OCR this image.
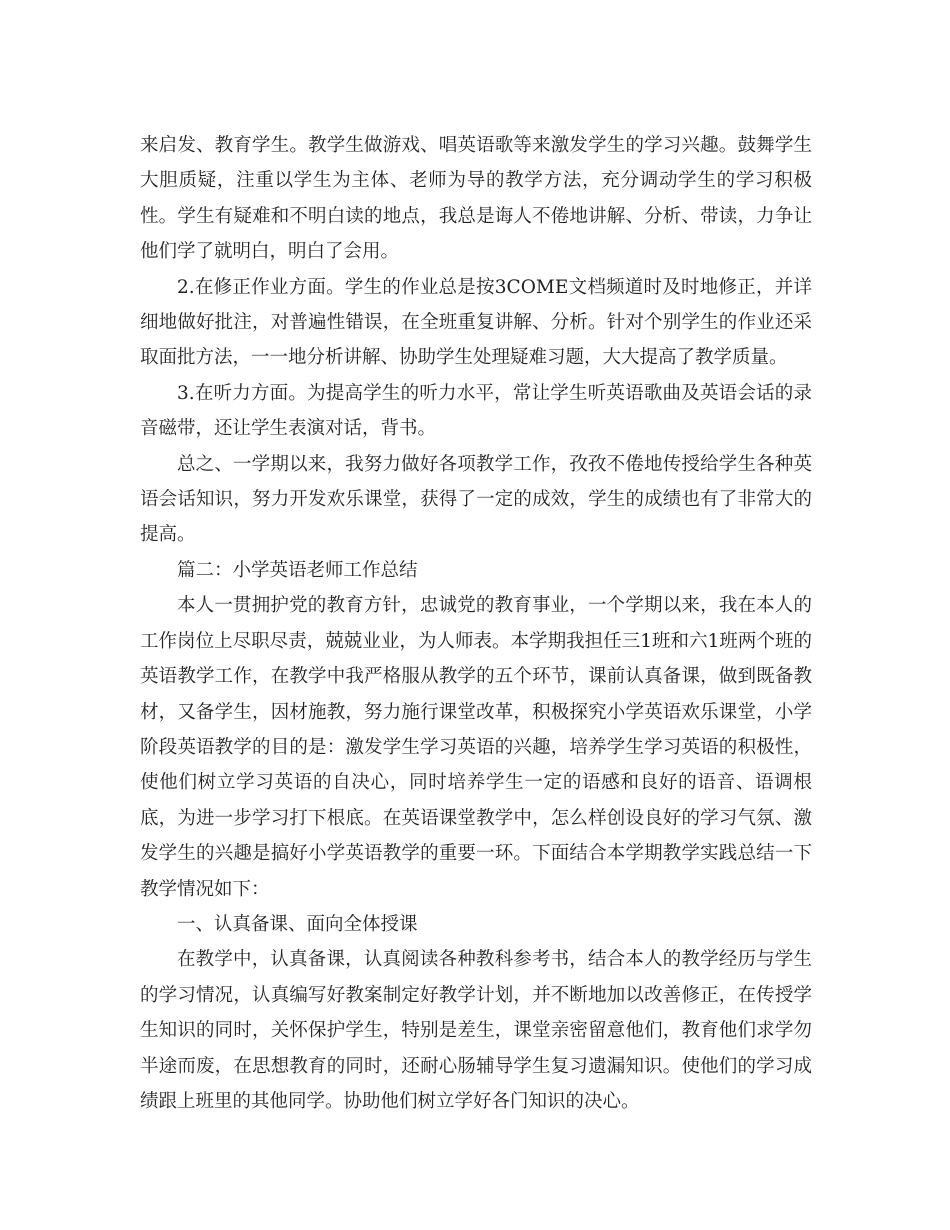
来启发、教育学生。教学生做游戏、唱英语歌等来激发学生的学习兴趣。鼓舞学生大胆质疑，注重以学生为主体、老师为导的教学方法，充分调动学生的学习积极性。学生有疑难和不明白读的地点，我总是诲人不倦地讲解、分析、带读，力争让他们学了就明白，明白了会用。

2.在修正作业方面。学生的作业总是按3COME文档频道时及时地修正，并详细地做好批注，对普遍性错误，在全班重复讲解、分析。针对个别学生的作业还采取面批方法，一一地分析讲解、协助学生处理疑难习题，大大提高了教学质量。

3.在听力方面。为提高学生的听力水平，常让学生听英语歌曲及英语会话的录音磁带，还让学生表演对话，背书。

总之、一学期以来，我努力做好各项教学工作，孜孜不倦地传授给学生各种英语会话知识，努力开发欢乐课堂，获得了一定的成效，学生的成绩也有了非常大的提高。

篇二：小学英语老师工作总结

本人一贯拥护党的教育方针，忠诚党的教育事业，一个学期以来，我在本人的工作岗位上尽职尽责，兢兢业业，为人师表。本学期我担任三1班和六1班两个班的英语教学工作，在教学中我严格服从教学的五个环节，课前认真备课，做到既备教材，又备学生，因材施教，努力施行课堂改革，积极探究小学英语欢乐课堂，小学阶段英语教学的目的是：激发学生学习英语的兴趣，培养学生学习英语的积极性，使他们树立学习英语的自决心，同时培养学生一定的语感和良好的语音、语调根底，为进一步学习打下根底。在英语课堂教学中，怎么样创设良好的学习气氛、激发学生的兴趣是搞好小学英语教学的重要一环。下面结合本学期教学实践总结一下教学情况如下：

一、认真备课、面向全体授课

在教学中，认真备课，认真阅读各种教科参考书，结合本人的教学经历与学生的学习情况，认真编写好教案制定好教学计划，并不断地加以改善修正，在传授学生知识的同时，关怀保护学生，特别是差生，课堂亲密留意他们，教育他们求学勿半途而废，在思想教育的同时，还耐心肠辅导学生复习遗漏知识。使他们的学习成绩跟上班里的其他同学。协助他们树立学好各门知识的决心。
